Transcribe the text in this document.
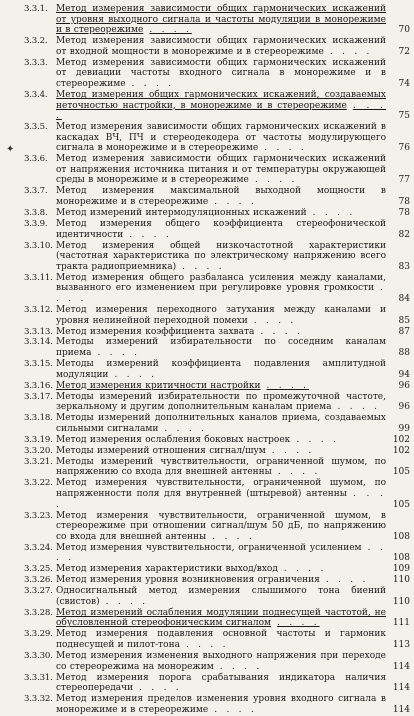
✦
3.3.1. Метод измерения зависимости общих гармонических искажений от уровня выходного сигнала и частоты модуляции в монорежиме и в стереорежиме . . . .	70
3.3.2. Метод измерения зависимости общих гармонических искажений от входной мощности в монорежиме и в стереорежиме . . . .	72
3.3.3. Метод измерения зависимости общих гармонических искажений от девиации частоты входного сигнала в монорежиме и в стереорежиме . . . .	74
3.3.4. Метод измерения общих гармонических искажений, создаваемых неточностью настройки, в монорежиме и в стереорежиме . . . .	75
3.3.5. Метод измерения зависимости общих гармонических искажений в каскадах ВЧ, ПЧ и стереодекодера от частоты модулирующего сигнала в монорежиме и в стереорежиме . . . .	76
3.3.6. Метод измерения зависимости общих гармонических искажений от напряжения источника питания и от температуры окружающей среды в монорежиме и в стереорежиме . . . .	77
3.3.7. Метод измерения максимальной выходной мощности в монорежиме и в стереорежиме . . . .	78
3.3.8. Метод измерений интермодуляционных искажений . . . .	78
3.3.9. Метод измерения общего коэффициента стереофонической идентичности . . . .	82
3.3.10. Метод измерения общей низкочастотной характеристики (частотная характеристика по электрическому напряжению всего тракта радиоприемника) . . . .	83
3.3.11. Метод измерения общего разбаланса усиления между каналами, вызванного его изменением при регулировке уровня громкости . . . .	84
3.3.12. Метод измерения переходного затухания между каналами и уровня нелинейной переходной помехи . . . .	85
3.3.13. Метод измерения коэффициента захвата . . . .	87
3.3.14. Методы измерений избирательности по соседним каналам приема . . . .	88
3.3.15. Методы измерений коэффициента подавления амплитудной модуляции . . . .	94
3.3.16. Метод измерения критичности настройки . . . .	96
3.3.17. Методы измерений избирательности по промежуточной частоте, зеркальному и другим дополнительным каналам приема . . . .	96
3.3.18. Методы измерений дополнительных каналов приема, создаваемых сильными сигналами . . . .	99
3.3.19. Метод измерения ослабления боковых настроек . . . .	102
3.3.20. Методы измерений отношения сигнал/шум . . . .	102
3.3.21. Методы измерений чувствительности, ограниченной шумом, по напряжению со входа для внешней антенны . . . .	105
3.3.22. Метод измерения чувствительности, ограниченной шумом, по напряженности поля для внутренней (штыревой) антенны . . . .	105
3.3.23. Метод измерения чувствительности, ограниченной шумом, в стереорежиме при отношении сигнал/шум 50 дБ, по напряжению со входа для внешней антенны . . . .	108
3.3.24. Метод измерения чувствительности, ограниченной усилением . . . .	108
3.3.25. Метод измерения характеристики выход/вход . . . .	109
3.3.26. Метод измерения уровня возникновения ограничения . . . .	110
3.3.27. Односигнальный метод измерения слышимого тона биений (свистов) . . . .	110
3.3.28. Метод измерений ослабления модуляции поднесущей частотой, не обусловленной стереофоническим сигналом . . . .	111
3.3.29. Метод измерения подавления основной частоты и гармоник поднесущей и пилот-тона . . . .	113
3.3.30. Метод измерения изменения выходного напряжения при переходе со стереорежима на монорежим . . . .	114
3.3.31. Метод измерения порога срабатывания индикатора наличия стереопередачи . . . .	114
3.3.32. Метод измерения пределов изменения уровня входного сигнала в монорежиме и в стереорежиме . . . .	114
